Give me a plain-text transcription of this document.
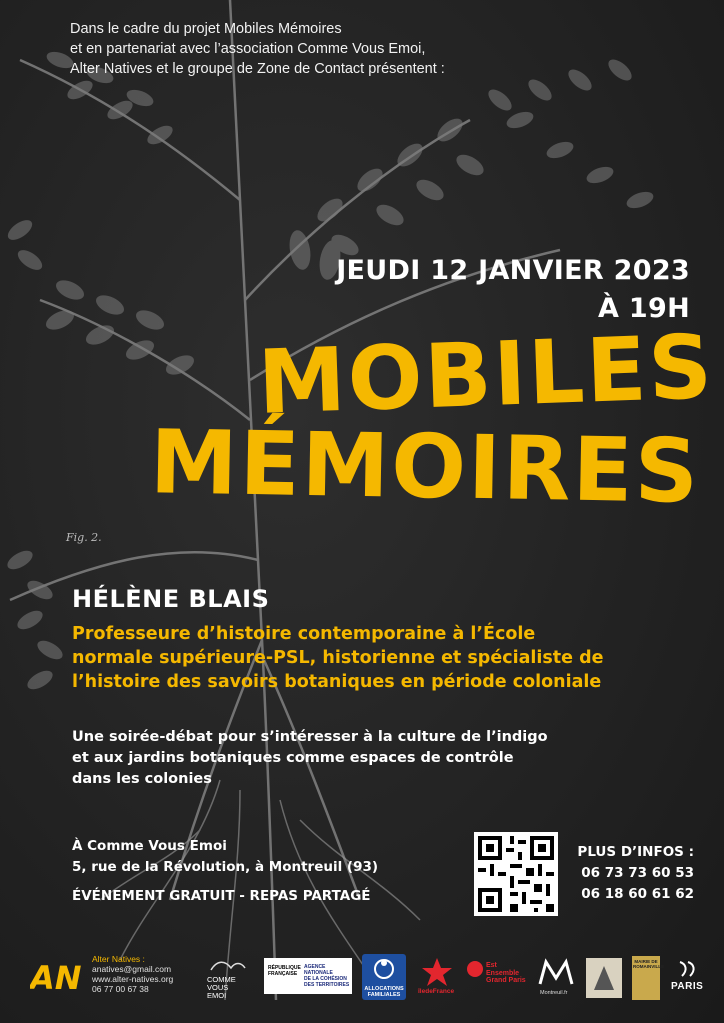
Dans le cadre du projet Mobiles Mémoires
et en partenariat avec l’association Comme Vous Emoi,
Alter Natives et le groupe de Zone de Contact présentent :
JEUDI 12 JANVIER 2023
À 19H
MOBILES
MÉMOIRES
Fig. 2.
HÉLÈNE BLAIS
Professeure d’histoire contemporaine à l’École
normale supérieure-PSL, historienne et spécialiste de
l’histoire des savoirs botaniques en période coloniale
Une soirée-débat pour s’intéresser à la culture de l’indigo
et aux jardins botaniques comme espaces de contrôle
dans les colonies
À Comme Vous Emoi
5, rue de la Révolution, à Montreuil (93)
ÉVÉNEMENT GRATUIT - REPAS PARTAGÉ
PLUS D’INFOS :
06 73 73 60 53
06 18 60 61 62
AN Alter Natives :
anatives@gmail.com
www.alter-natives.org
06 77 00 67 38
COMME
VOUS EMOI
RÉPUBLIQUE
FRANÇAISE
AGENCE
NATIONALE
DE LA COHÉSION
DES TERRITOIRES
ALLOCATIONS
FAMILIALES	îledeFrance
Est
Ensemble
Grand Paris
Montreuil.fr
MAIRIE DE
ROMAINVILLE
PARIS
